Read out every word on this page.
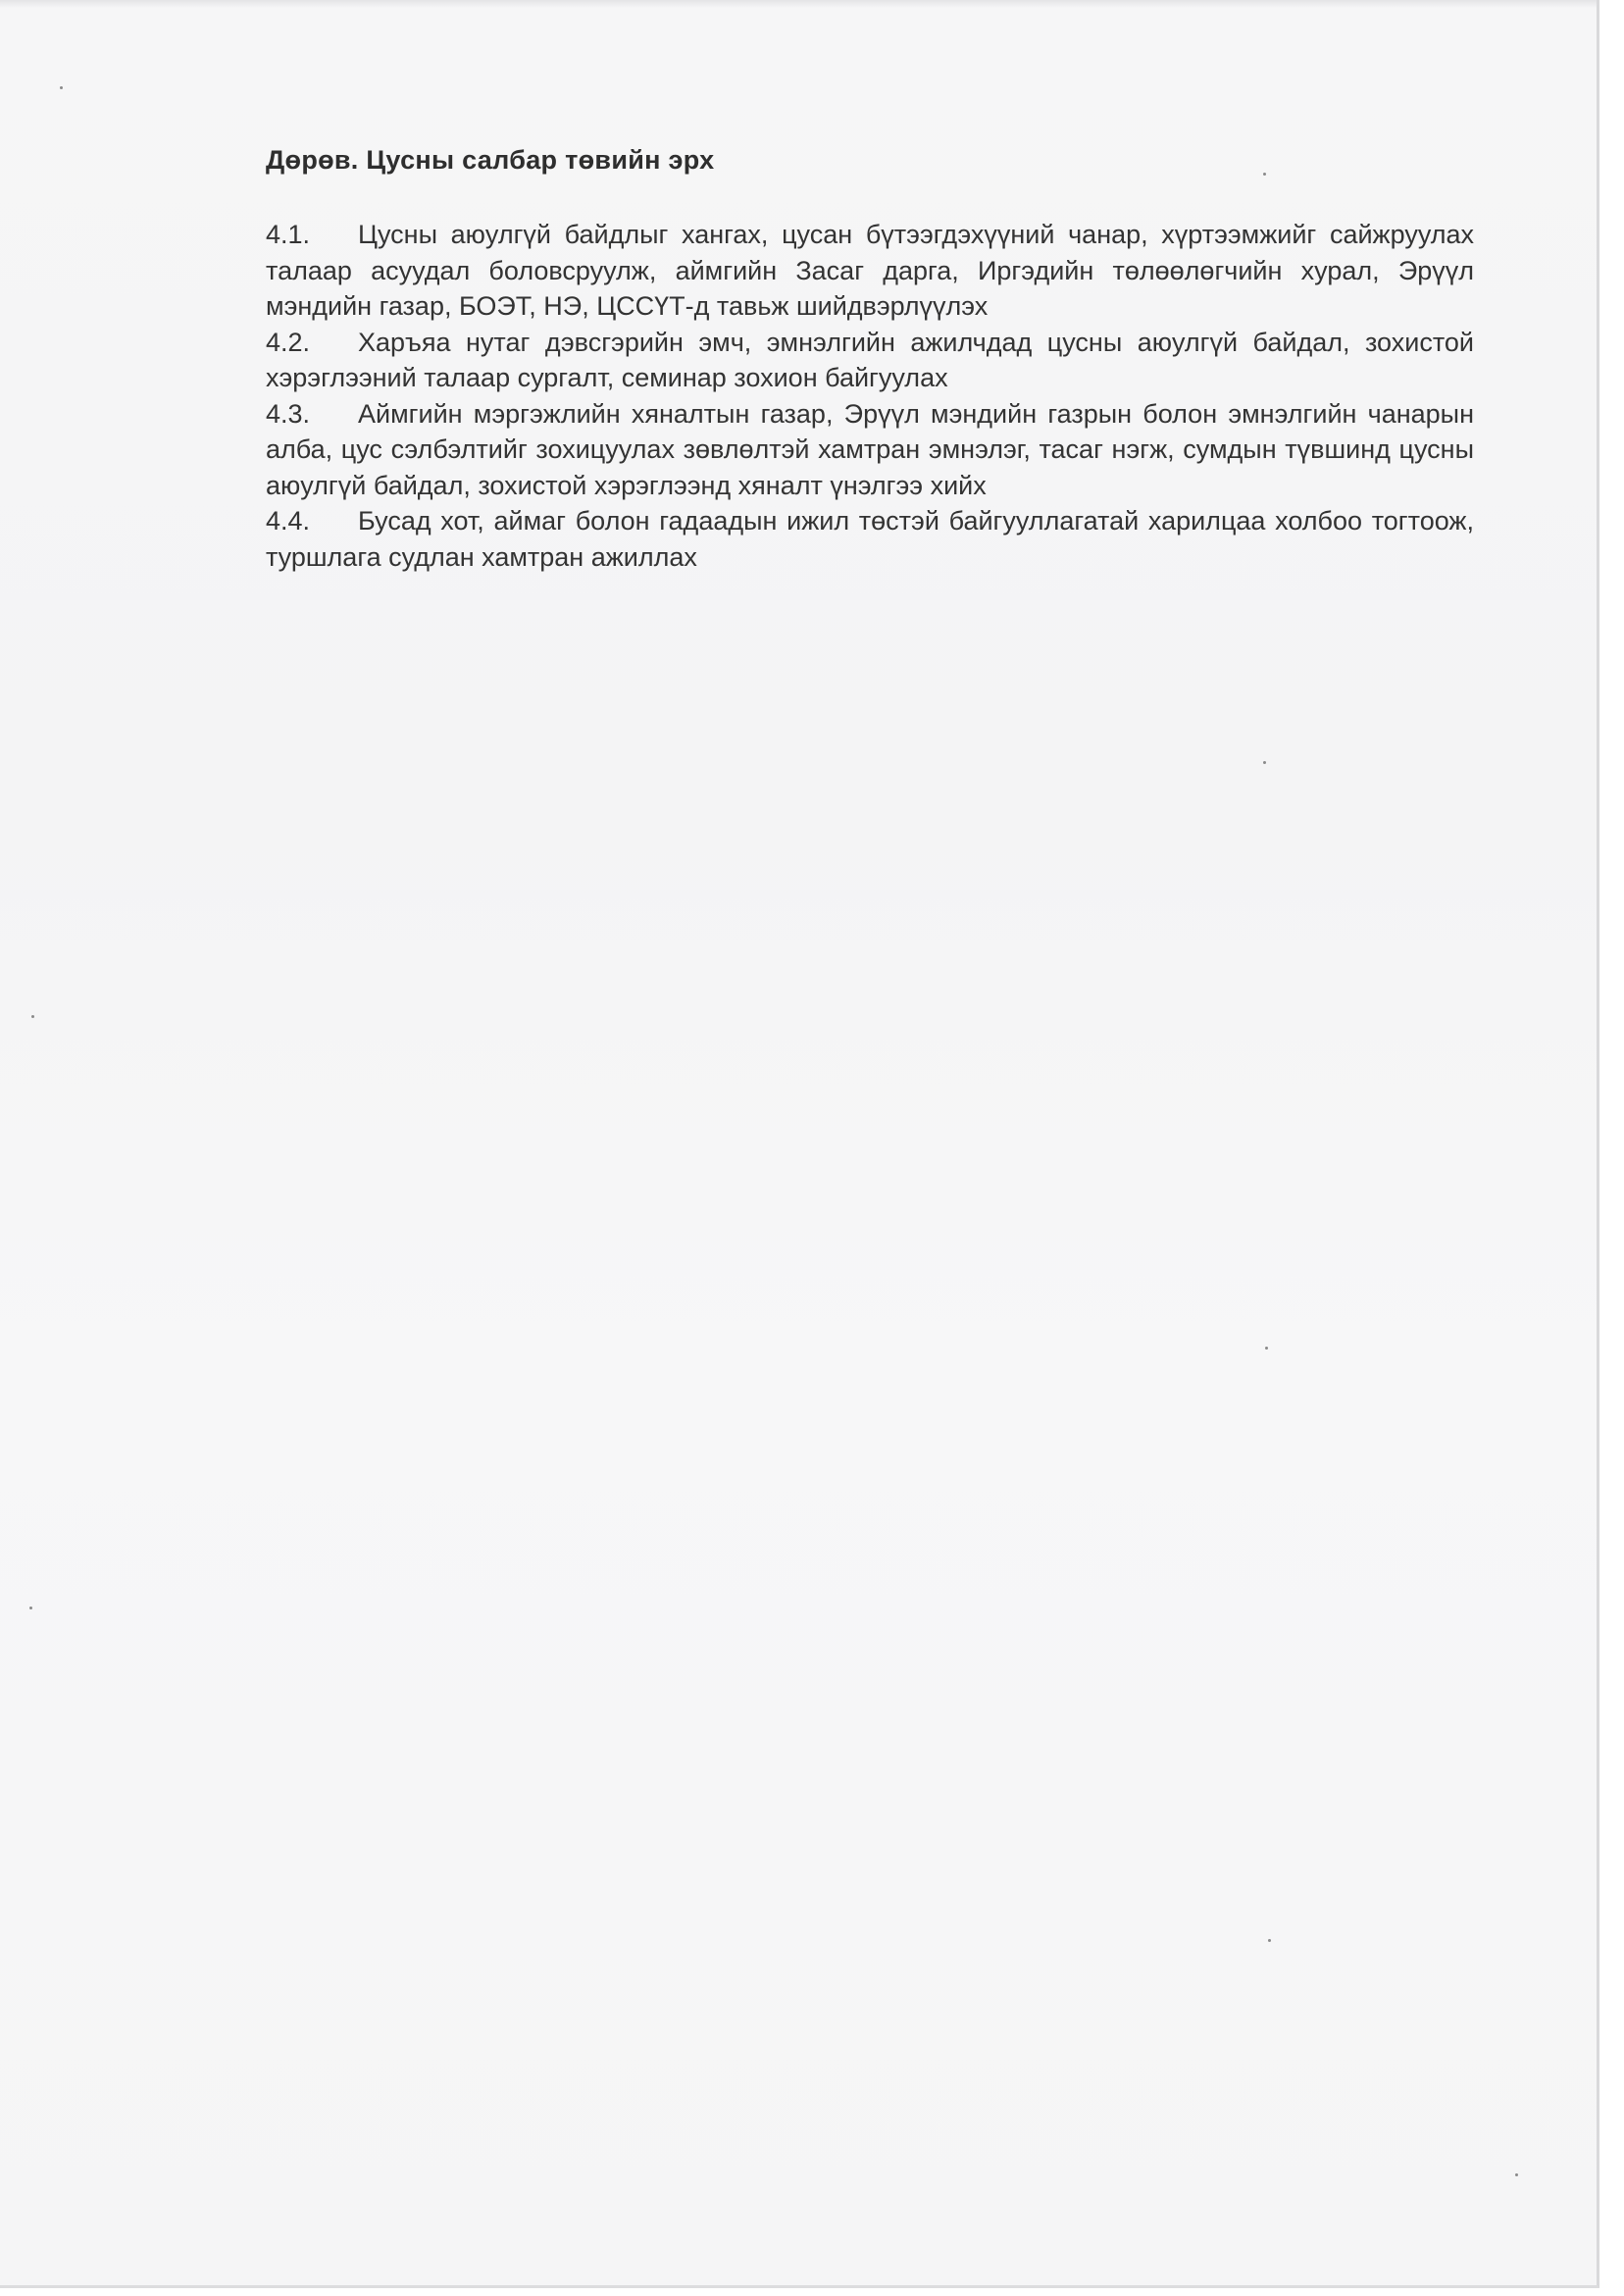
Дөрөв. Цусны салбар төвийн эрх

4.1. Цусны аюулгүй байдлыг хангах, цусан бүтээгдэхүүний чанар, хүртээмжийг сайжруулах талаар асуудал боловсруулж, аймгийн Засаг дарга, Иргэдийн төлөөлөгчийн хурал, Эрүүл мэндийн газар, БОЭТ, НЭ, ЦССҮТ-д тавьж шийдвэрлүүлэх

4.2. Харъяа нутаг дэвсгэрийн эмч, эмнэлгийн ажилчдад цусны аюулгүй байдал, зохистой хэрэглээний талаар сургалт, семинар зохион байгуулах

4.3. Аймгийн мэргэжлийн хяналтын газар, Эрүүл мэндийн газрын болон эмнэлгийн чанарын алба, цус сэлбэлтийг зохицуулах зөвлөлтэй хамтран эмнэлэг, тасаг нэгж, сумдын түвшинд цусны аюулгүй байдал, зохистой хэрэглээнд хяналт үнэлгээ хийх

4.4. Бусад хот, аймаг болон гадаадын ижил төстэй байгууллагатай харилцаа холбоо тогтоож, туршлага судлан хамтран ажиллах
